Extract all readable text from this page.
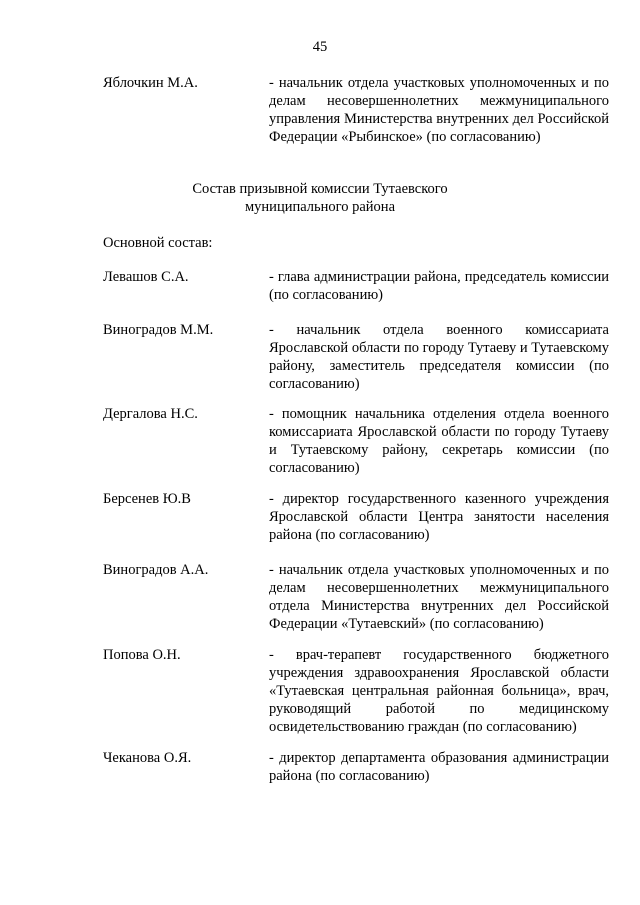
45
Яблочкин М.А.	- начальник отдела участковых уполномоченных и по делам несовершеннолетних межмуниципального управления Министерства внутренних дел Российской Федерации «Рыбинское» (по согласованию)
Состав призывной комиссии Тутаевского
муниципального района
Основной состав:
Левашов С.А.	- глава администрации района, председатель комиссии (по согласованию)
Виноградов М.М.	- начальник отдела военного комиссариата Ярославской области по городу Тутаеву и Тутаевскому району, заместитель председателя комиссии (по согласованию)
Дергалова Н.С.	- помощник начальника отделения отдела военного комиссариата Ярославской области по городу Тутаеву и Тутаевскому району, секретарь комиссии (по согласованию)
Берсенев Ю.В	- директор государственного казенного учреждения Ярославской области Центра занятости населения района (по согласованию)
Виноградов А.А.	- начальник отдела участковых уполномоченных и по делам несовершеннолетних межмуниципального отдела Министерства внутренних дел Российской Федерации «Тутаевский» (по согласованию)
Попова О.Н.	- врач-терапевт государственного бюджетного учреждения здравоохранения Ярославской области «Тутаевская центральная районная больница», врач, руководящий работой по медицинскому освидетельствованию граждан (по согласованию)
Чеканова О.Я.	- директор департамента образования администрации района (по согласованию)
